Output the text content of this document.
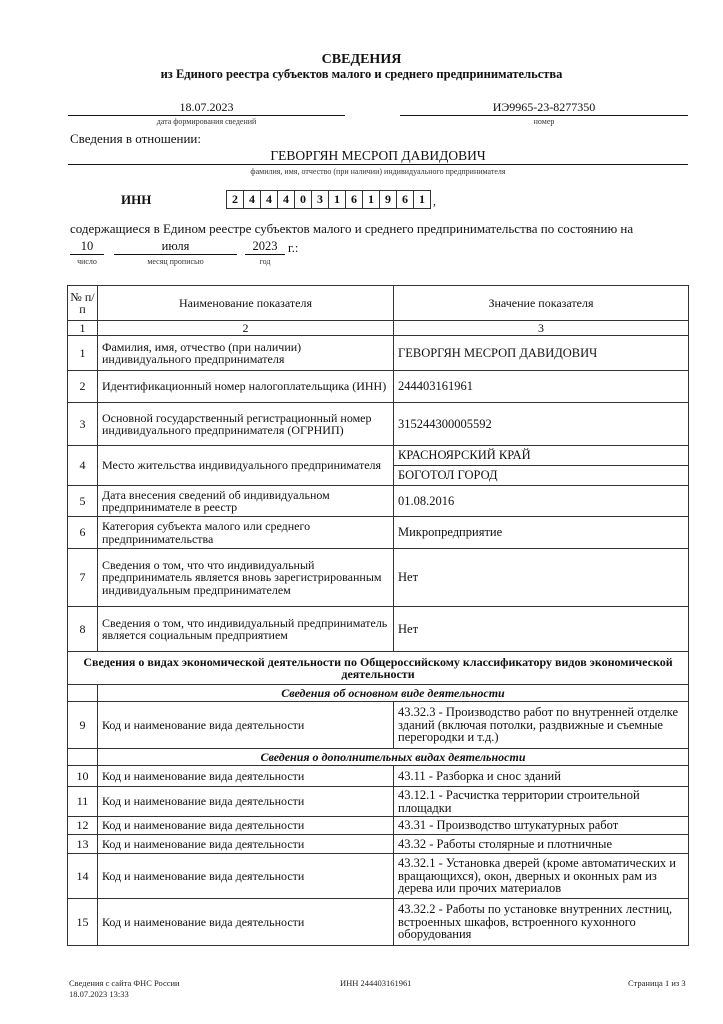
СВЕДЕНИЯ
из Единого реестра субъектов малого и среднего предпринимательства
18.07.2023
дата формирования сведений
ИЭ9965-23-8277350
номер
Сведения в отношении:
ГЕВОРГЯН МЕСРОП ДАВИДОВИЧ
фамилия, имя, отчество (при наличии) индивидуального предпринимателя
ИНН	2 4 4 4 0 3 1 6 1 9 6 1 ,
содержащиеся в Едином реестре субъектов малого и среднего предпринимательства по состоянию на
10
число
июля
месяц прописью
2023 г.:
год
№ п/п	Наименование показателя	Значение показателя
1	2	3
1	Фамилия, имя, отчество (при наличии) индивидуального предпринимателя	ГЕВОРГЯН МЕСРОП ДАВИДОВИЧ

2	Идентификационный номер налогоплательщика (ИНН)	244403161961

3	Основной государственный регистрационный номер индивидуального предпринимателя (ОГРНИП)	315244300005592

4	Место жительства индивидуального предпринимателя	КРАСНОЯРСКИЙ КРАЙ
БОГОТОЛ ГОРОД

5	Дата внесения сведений об индивидуальном предпринимателе в реестр	01.08.2016

6	Категория субъекта малого или среднего предпринимательства	Микропредприятие

7	Сведения о том, что что индивидуальный предприниматель является вновь зарегистрированным индивидуальным предпринимателем	Нет

8	Сведения о том, что индивидуальный предприниматель является социальным предприятием	Нет

Сведения о видах экономической деятельности по Общероссийскому классификатору видов экономической деятельности		
	Сведения об основном виде деятельности	
9	Код и наименование вида деятельности	43.32.3 - Производство работ по внутренней отделке зданий (включая потолки, раздвижные и съемные перегородки и т.д.)

	Сведения о дополнительных видах деятельности	
10	Код и наименование вида деятельности	43.11 - Разборка и снос зданий

11	Код и наименование вида деятельности	43.12.1 - Расчистка территории строительной площадки

12	Код и наименование вида деятельности	43.31 - Производство штукатурных работ

13	Код и наименование вида деятельности	43.32 - Работы столярные и плотничные

14	Код и наименование вида деятельности	43.32.1 - Установка дверей (кроме автоматических и вращающихся), окон, дверных и оконных рам из дерева или прочих материалов

15	Код и наименование вида деятельности	43.32.2 - Работы по установке внутренних лестниц, встроенных шкафов, встроенного кухонного оборудования
Сведения с сайта ФНС России
18.07.2023 13:33
ИНН 244403161961	Страница 1 из 3
